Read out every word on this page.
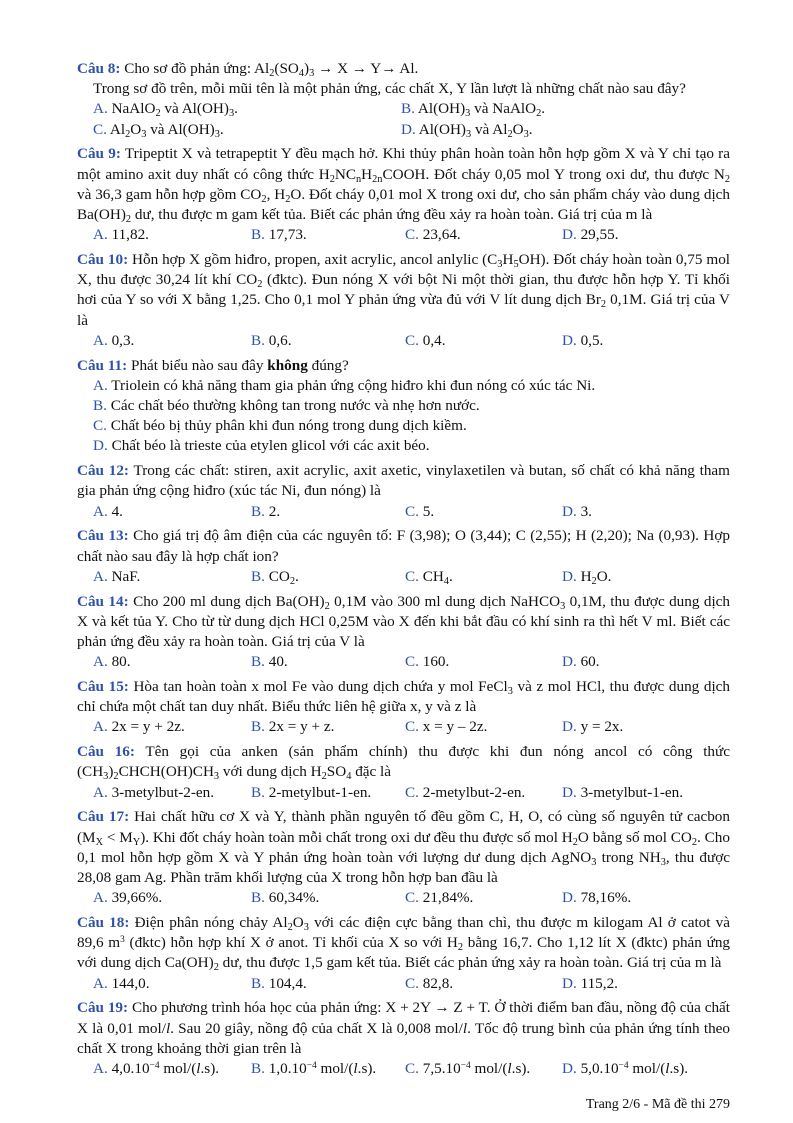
Câu 8: Cho sơ đồ phản ứng: $Al_2(SO_4)_3 \to X \to Y\to Al$.
Trong sơ đồ trên, mỗi mũi tên là một phản ứng, các chất X, Y lần lượt là những chất nào sau đây?
A. NaAlO$_2$ và $Al(OH)_3$.	B. $Al(OH)_3$ và NaAlO$_2$.
C. $Al_2O_3$ và $Al(OH)_3$.	D. $Al(OH)_3$ và $Al_2O_3$.
Câu 9: Tripeptit X và tetrapeptit Y đều mạch hở. Khi thủy phân hoàn toàn hỗn hợp gồm X và Y chỉ tạo ra một amino axit duy nhất có công thức $H_2NC_nH_{2n}COOH$. Đốt cháy 0,05 mol Y trong oxi dư, thu được $N_2$ và 36,3 gam hỗn hợp gồm $CO_2$, $H_2O$. Đốt cháy 0,01 mol X trong oxi dư, cho sản phẩm cháy vào dung dịch $Ba(OH)_2$ dư, thu được m gam kết tủa. Biết các phản ứng đều xảy ra hoàn toàn. Giá trị của m là
A. 11,82.	B. 17,73.	C. 23,64.	D. 29,55.
Câu 10: Hỗn hợp X gồm hiđro, propen, axit acrylic, ancol anlylic $(C_3H_5OH)$. Đốt cháy hoàn toàn 0,75 mol X, thu được 30,24 lít khí $CO_2$ (đktc). Đun nóng X với bột Ni một thời gian, thu được hỗn hợp Y. Tỉ khối hơi của Y so với X bằng 1,25. Cho 0,1 mol Y phản ứng vừa đủ với V lít dung dịch $Br_2$ 0,1M. Giá trị của V là
A. 0,3.	B. 0,6.	C. 0,4.	D. 0,5.
Câu 11: Phát biểu nào sau đây không đúng?
A. Triolein có khả năng tham gia phản ứng cộng hiđro khi đun nóng có xúc tác Ni.
B. Các chất béo thường không tan trong nước và nhẹ hơn nước.
C. Chất béo bị thủy phân khi đun nóng trong dung dịch kiềm.
D. Chất béo là trieste của etylen glicol với các axit béo.
Câu 12: Trong các chất: stiren, axit acrylic, axit axetic, vinylaxetilen và butan, số chất có khả năng tham gia phản ứng cộng hiđro (xúc tác Ni, đun nóng) là
A. 4.	B. 2.	C. 5.	D. 3.
Câu 13: Cho giá trị độ âm điện của các nguyên tố: F (3,98); O (3,44); C (2,55); H (2,20); Na (0,93). Hợp chất nào sau đây là hợp chất ion?
A. NaF.	B. $CO_2$.	C. $CH_4$.	D. $H_2O$.
Câu 14: Cho 200 ml dung dịch $Ba(OH)_2$ 0,1M vào 300 ml dung dịch NaHCO$_3$ 0,1M, thu được dung dịch X và kết tủa Y. Cho từ từ dung dịch HCl 0,25M vào X đến khi bắt đầu có khí sinh ra thì hết V ml. Biết các phản ứng đều xảy ra hoàn toàn. Giá trị của V là
A. 80.	B. 40.	C. 160.	D. 60.
Câu 15: Hòa tan hoàn toàn x mol Fe vào dung dịch chứa y mol FeCl$_3$ và z mol HCl, thu được dung dịch chỉ chứa một chất tan duy nhất. Biểu thức liên hệ giữa x, y và z là
A. 2x = y + 2z.	B. 2x = y + z.	C. x = y – 2z.	D. y = 2x.
Câu 16: Tên gọi của anken (sản phẩm chính) thu được khi đun nóng ancol có công thức $(CH_3)_2CHCH(OH)CH_3$ với dung dịch $H_2SO_4$ đặc là
A. 3-metylbut-2-en. B. 2-metylbut-1-en. C. 2-metylbut-2-en. D. 3-metylbut-1-en.
Câu 17: Hai chất hữu cơ X và Y, thành phần nguyên tố đều gồm C, H, O, có cùng số nguyên tử cacbon $(M_X < M_Y)$. Khi đốt cháy hoàn toàn mỗi chất trong oxi dư đều thu được số mol $H_2O$ bằng số mol $CO_2$. Cho 0,1 mol hỗn hợp gồm X và Y phản ứng hoàn toàn với lượng dư dung dịch AgNO$_3$ trong $NH_3$, thu được 28,08 gam Ag. Phần trăm khối lượng của X trong hỗn hợp ban đầu là
A. 39,66%.	B. 60,34%.	C. 21,84%.	D. 78,16%.
Câu 18: Điện phân nóng chảy $Al_2O_3$ với các điện cực bằng than chì, thu được m kilogam Al ở catot và 89,6 $m^3$ (đktc) hỗn hợp khí X ở anot. Tỉ khối của X so với $H_2$ bằng 16,7. Cho 1,12 lít X (đktc) phản ứng với dung dịch $Ca(OH)_2$ dư, thu được 1,5 gam kết tủa. Biết các phản ứng xảy ra hoàn toàn. Giá trị của m là
A. 144,0.	B. 104,4.	C. 82,8.	D. 115,2.
Câu 19: Cho phương trình hóa học của phản ứng: X + 2Y → Z + T. Ở thời điểm ban đầu, nồng độ của chất X là 0,01 mol/l. Sau 20 giây, nồng độ của chất X là 0,008 mol/l. Tốc độ trung bình của phản ứng tính theo chất X trong khoảng thời gian trên là
A. $4,0.10^{-4}$ mol/(l.s). B. $1,0.10^{-4}$ mol/(l.s). C. $7,5.10^{-4}$ mol/(l.s). D. $5,0.10^{-4}$ mol/(l.s).
Trang 2/6 - Mã đề thi 279
